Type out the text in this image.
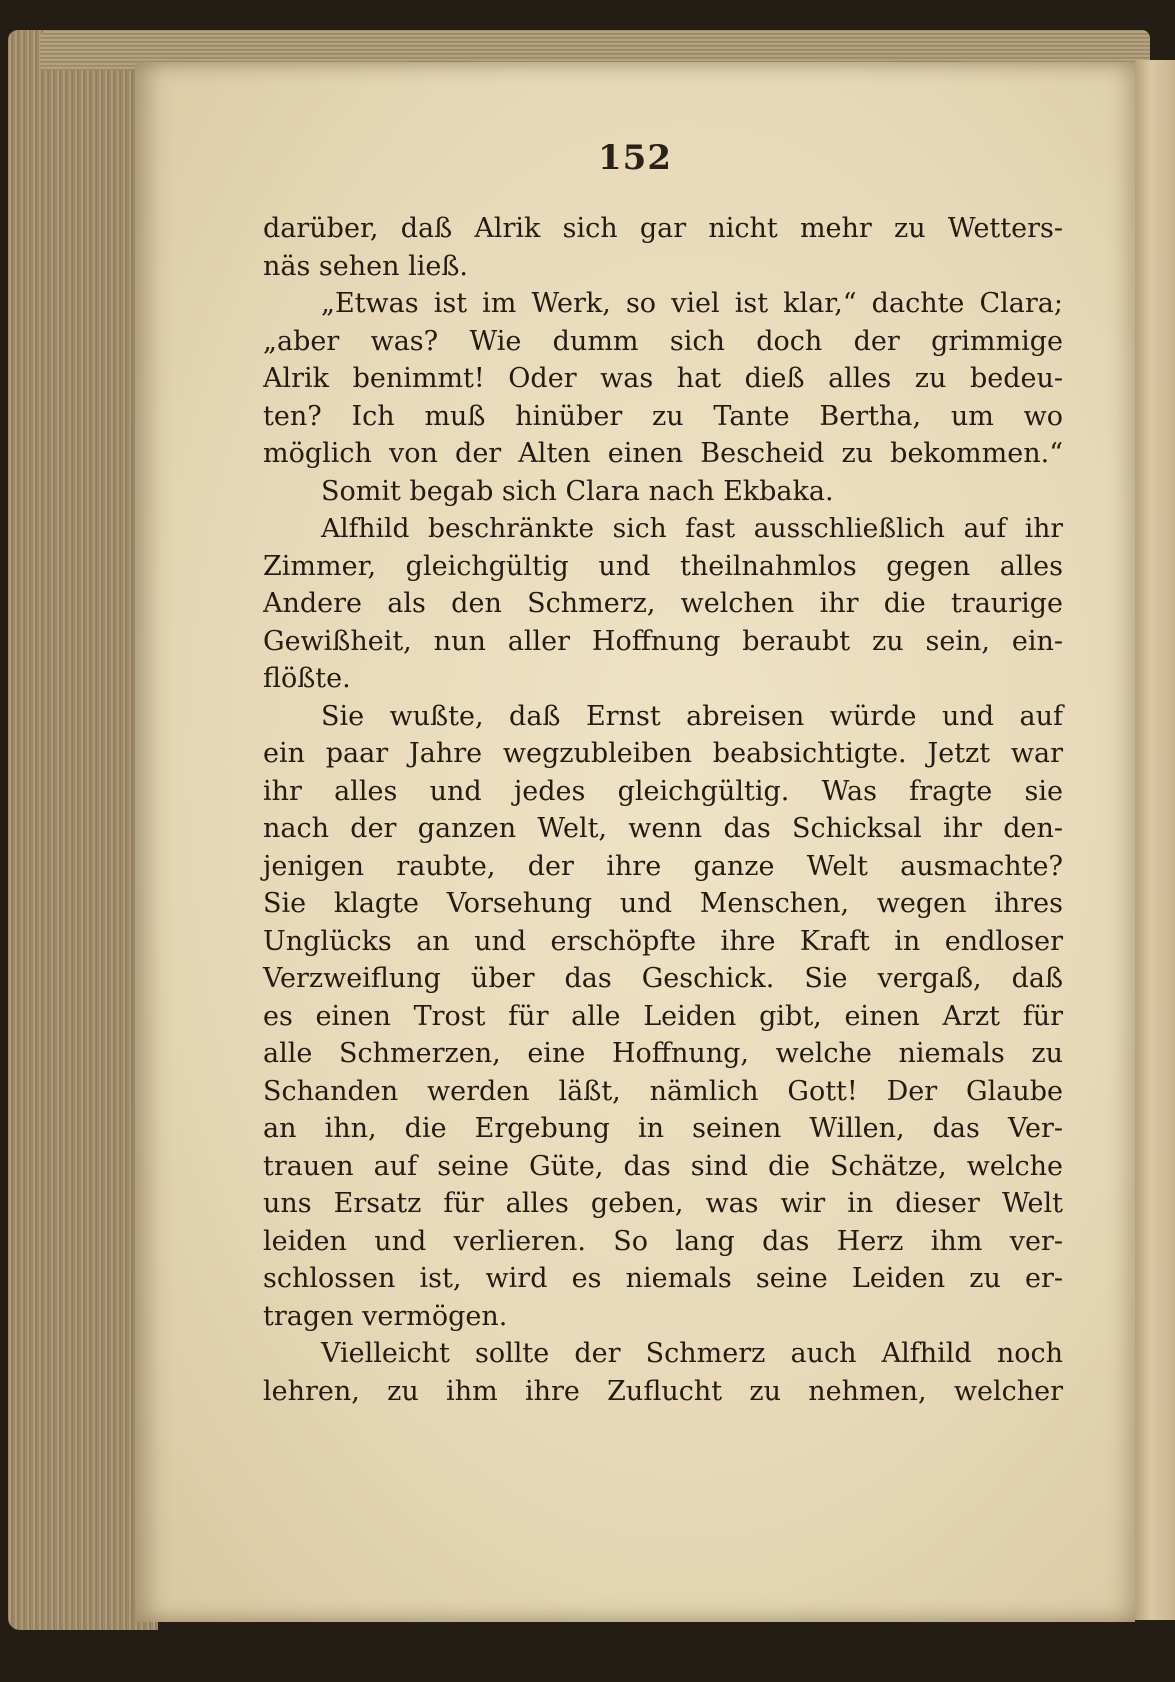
152
darüber, daß Alrik sich gar nicht mehr zu Wetters-
näs sehen ließ.
„Etwas ist im Werk, so viel ist klar,“ dachte Clara;
„aber was? Wie dumm sich doch der grimmige
Alrik benimmt! Oder was hat dieß alles zu bedeu-
ten? Ich muß hinüber zu Tante Bertha, um wo
möglich von der Alten einen Bescheid zu bekommen.“
Somit begab sich Clara nach Ekbaka.
Alfhild beschränkte sich fast ausschließlich auf ihr
Zimmer, gleichgültig und theilnahmlos gegen alles
Andere als den Schmerz, welchen ihr die traurige
Gewißheit, nun aller Hoffnung beraubt zu sein, ein-
flößte.
Sie wußte, daß Ernst abreisen würde und auf
ein paar Jahre wegzubleiben beabsichtigte. Jetzt war
ihr alles und jedes gleichgültig. Was fragte sie
nach der ganzen Welt, wenn das Schicksal ihr den-
jenigen raubte, der ihre ganze Welt ausmachte?
Sie klagte Vorsehung und Menschen, wegen ihres
Unglücks an und erschöpfte ihre Kraft in endloser
Verzweiflung über das Geschick. Sie vergaß, daß
es einen Trost für alle Leiden gibt, einen Arzt für
alle Schmerzen, eine Hoffnung, welche niemals zu
Schanden werden läßt, nämlich Gott! Der Glaube
an ihn, die Ergebung in seinen Willen, das Ver-
trauen auf seine Güte, das sind die Schätze, welche
uns Ersatz für alles geben, was wir in dieser Welt
leiden und verlieren. So lang das Herz ihm ver-
schlossen ist, wird es niemals seine Leiden zu er-
tragen vermögen.
Vielleicht sollte der Schmerz auch Alfhild noch
lehren, zu ihm ihre Zuflucht zu nehmen, welcher
